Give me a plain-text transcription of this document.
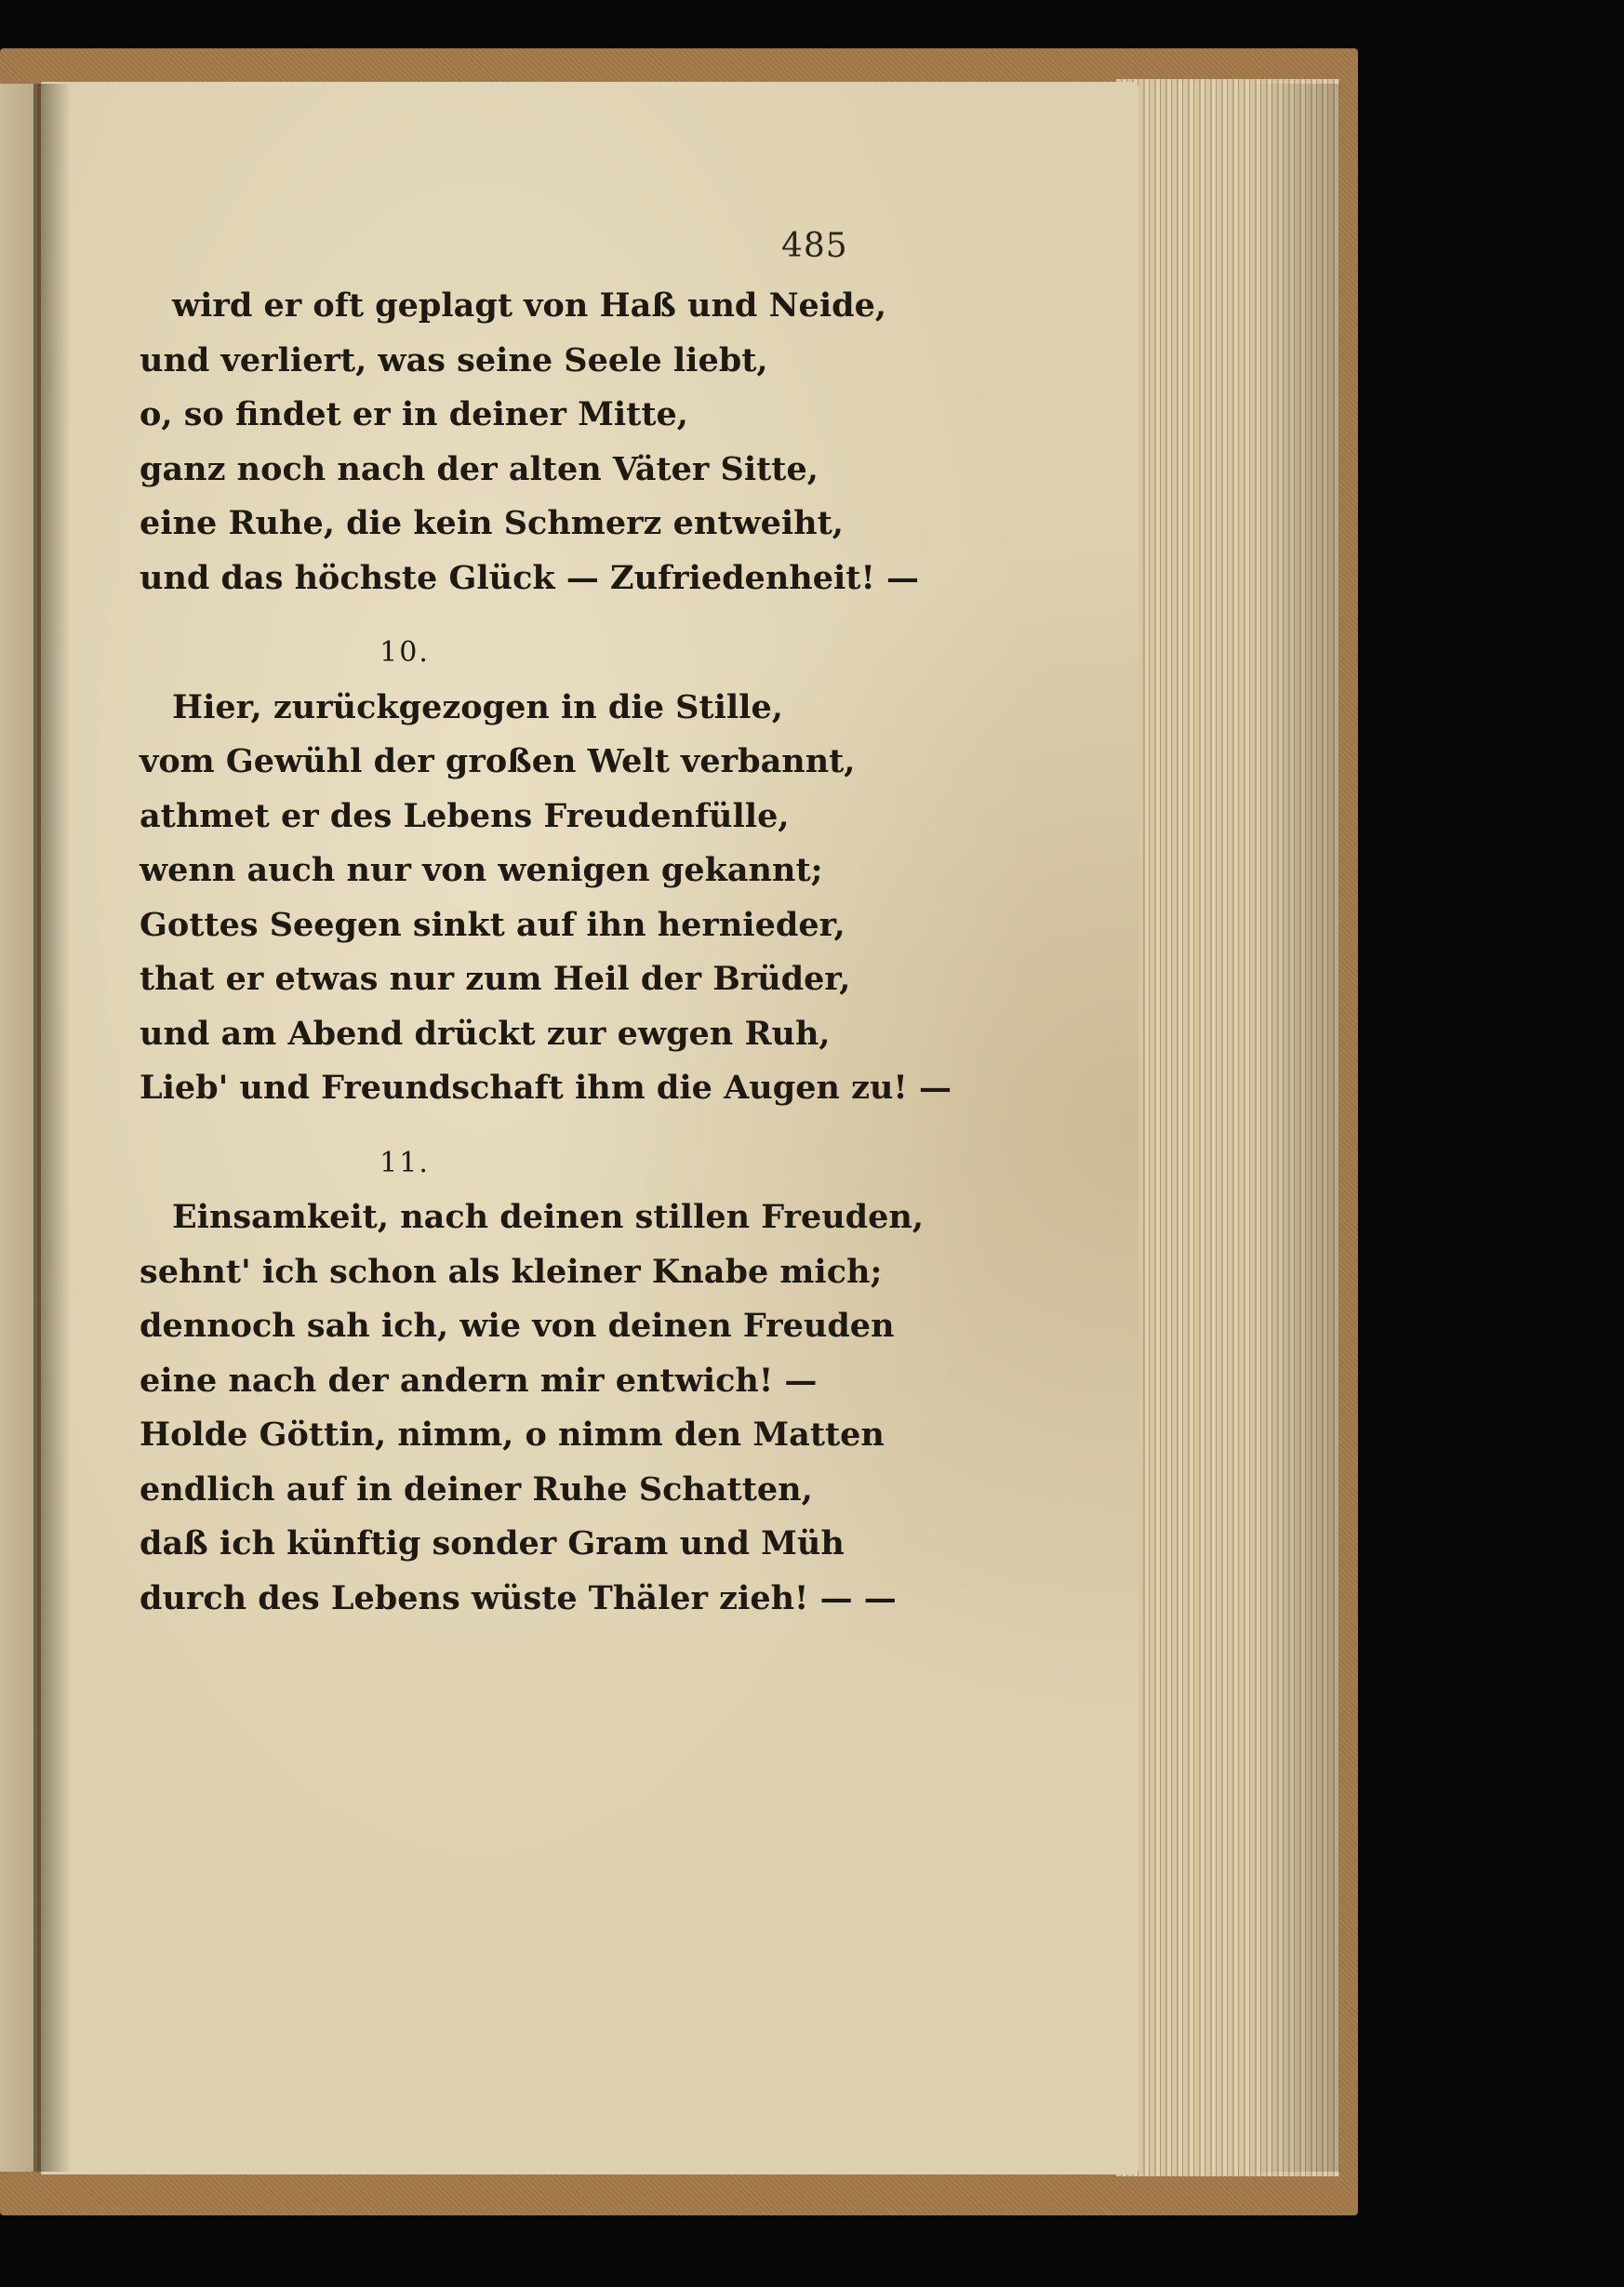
485
wird er oft geplagt von Haß und Neide,
und verliert, was seine Seele liebt,
o, so findet er in deiner Mitte,
ganz noch nach der alten Väter Sitte,
eine Ruhe, die kein Schmerz entweiht,
und das höchste Glück — Zufriedenheit! —
10.
Hier, zurückgezogen in die Stille,
vom Gewühl der großen Welt verbannt,
athmet er des Lebens Freudenfülle,
wenn auch nur von wenigen gekannt;
Gottes Seegen sinkt auf ihn hernieder,
that er etwas nur zum Heil der Brüder,
und am Abend drückt zur ewgen Ruh,
Lieb' und Freundschaft ihm die Augen zu! —
11.
Einsamkeit, nach deinen stillen Freuden,
sehnt' ich schon als kleiner Knabe mich;
dennoch sah ich, wie von deinen Freuden
eine nach der andern mir entwich! —
Holde Göttin, nimm, o nimm den Matten
endlich auf in deiner Ruhe Schatten,
daß ich künftig sonder Gram und Müh
durch des Lebens wüste Thäler zieh! — —
